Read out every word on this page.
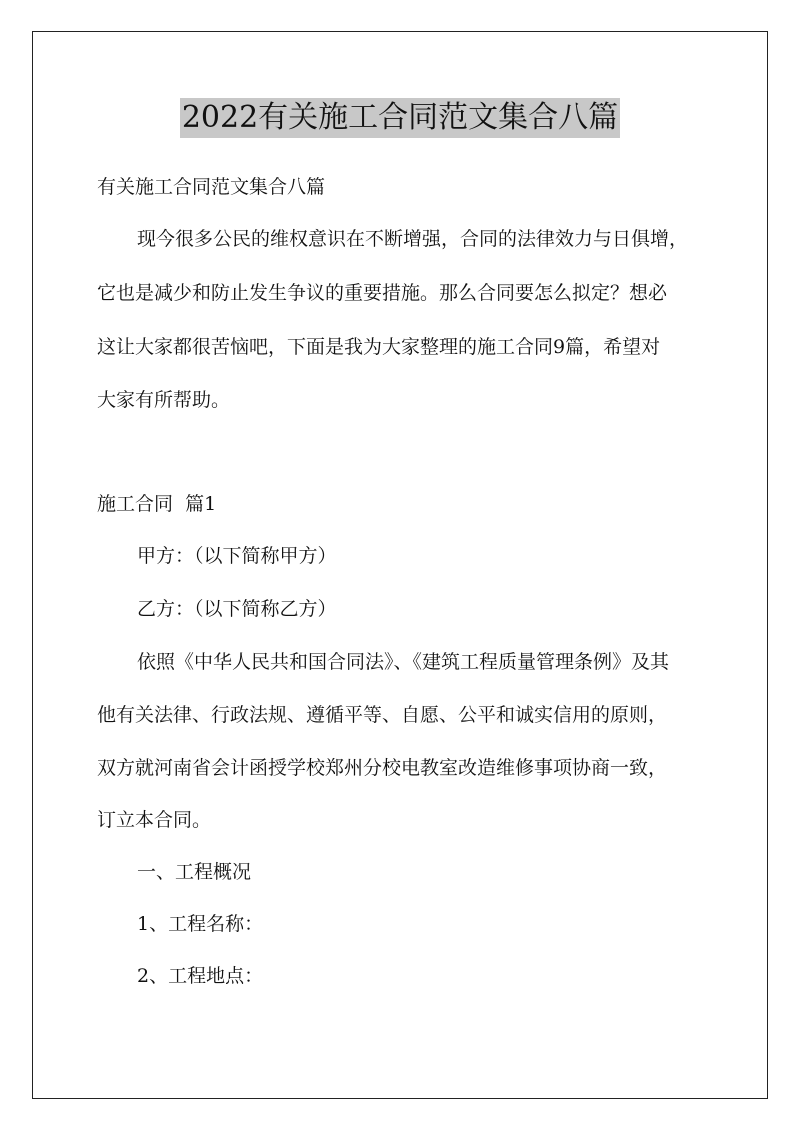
2022有关施工合同范文集合八篇
有关施工合同范文集合八篇
现今很多公民的维权意识在不断增强，合同的法律效力与日俱增，
它也是减少和防止发生争议的重要措施。那么合同要怎么拟定？想必
这让大家都很苦恼吧，下面是我为大家整理的施工合同9篇，希望对
大家有所帮助。
施工合同  篇1
甲方：（以下简称甲方）
乙方：（以下简称乙方）
依照《中华人民共和国合同法》、《建筑工程质量管理条例》及其
他有关法律、行政法规、遵循平等、自愿、公平和诚实信用的原则，
双方就河南省会计函授学校郑州分校电教室改造维修事项协商一致，
订立本合同。
一、工程概况
1、工程名称：
2、工程地点：
